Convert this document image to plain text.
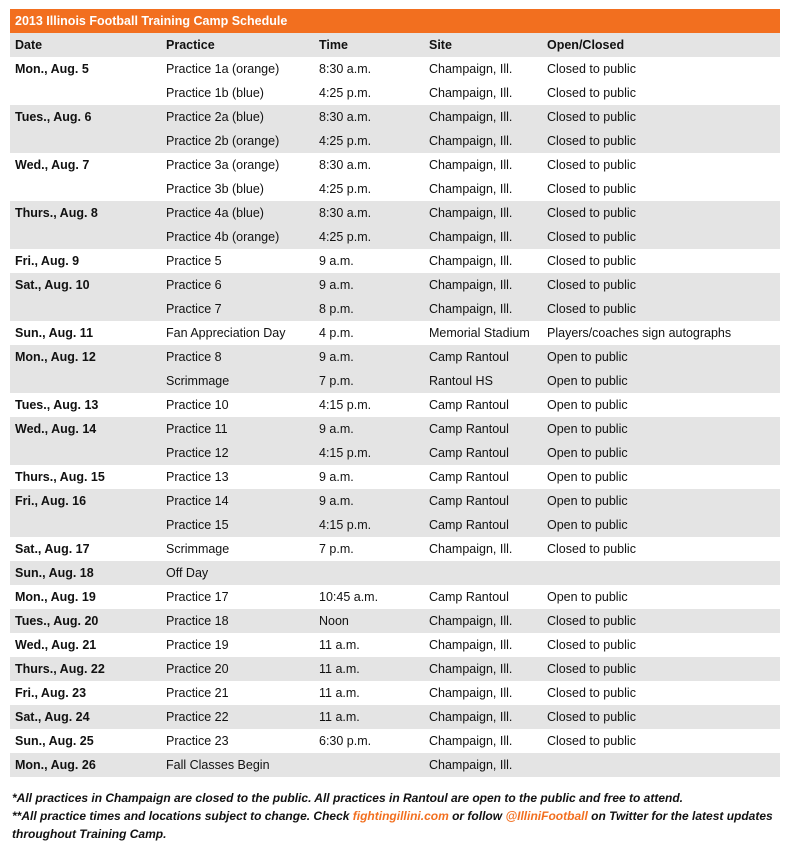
2013 Illinois Football Training Camp Schedule
Date	Practice	Time	Site	Open/Closed
Mon., Aug. 5	Practice 1a (orange)	8:30 a.m.	Champaign, Ill.	Closed to public
	Practice 1b (blue)	4:25 p.m.	Champaign, Ill.	Closed to public
Tues., Aug. 6	Practice 2a (blue)	8:30 a.m.	Champaign, Ill.	Closed to public
	Practice 2b (orange)	4:25 p.m.	Champaign, Ill.	Closed to public
Wed., Aug. 7	Practice 3a (orange)	8:30 a.m.	Champaign, Ill.	Closed to public
	Practice 3b (blue)	4:25 p.m.	Champaign, Ill.	Closed to public
Thurs., Aug. 8	Practice 4a (blue)	8:30 a.m.	Champaign, Ill.	Closed to public
	Practice 4b (orange)	4:25 p.m.	Champaign, Ill.	Closed to public
Fri., Aug. 9	Practice 5	9 a.m.	Champaign, Ill.	Closed to public
Sat., Aug. 10	Practice 6	9 a.m.	Champaign, Ill.	Closed to public
	Practice 7	8 p.m.	Champaign, Ill.	Closed to public
Sun., Aug. 11	Fan Appreciation Day	4 p.m.	Memorial Stadium	Players/coaches sign autographs
Mon., Aug. 12	Practice 8	9 a.m.	Camp Rantoul	Open to public
	Scrimmage	7 p.m.	Rantoul HS	Open to public
Tues., Aug. 13	Practice 10	4:15 p.m.	Camp Rantoul	Open to public
Wed., Aug. 14	Practice 11	9 a.m.	Camp Rantoul	Open to public
	Practice 12	4:15 p.m.	Camp Rantoul	Open to public
Thurs., Aug. 15	Practice 13	9 a.m.	Camp Rantoul	Open to public
Fri., Aug. 16	Practice 14	9 a.m.	Camp Rantoul	Open to public
	Practice 15	4:15 p.m.	Camp Rantoul	Open to public
Sat., Aug. 17	Scrimmage	7 p.m.	Champaign, Ill.	Closed to public
Sun., Aug. 18	Off Day			
Mon., Aug. 19	Practice 17	10:45 a.m.	Camp Rantoul	Open to public
Tues., Aug. 20	Practice 18	Noon	Champaign, Ill.	Closed to public
Wed., Aug. 21	Practice 19	11 a.m.	Champaign, Ill.	Closed to public
Thurs., Aug. 22	Practice 20	11 a.m.	Champaign, Ill.	Closed to public
Fri., Aug. 23	Practice 21	11 a.m.	Champaign, Ill.	Closed to public
Sat., Aug. 24	Practice 22	11 a.m.	Champaign, Ill.	Closed to public
Sun., Aug. 25	Practice 23	6:30 p.m.	Champaign, Ill.	Closed to public
Mon., Aug. 26	Fall Classes Begin		Champaign, Ill.	
*All practices in Champaign are closed to the public. All practices in Rantoul are open to the public and free to attend.
**All practice times and locations subject to change. Check fightingillini.com or follow @IlliniFootball on Twitter for the latest updates
throughout Training Camp.
